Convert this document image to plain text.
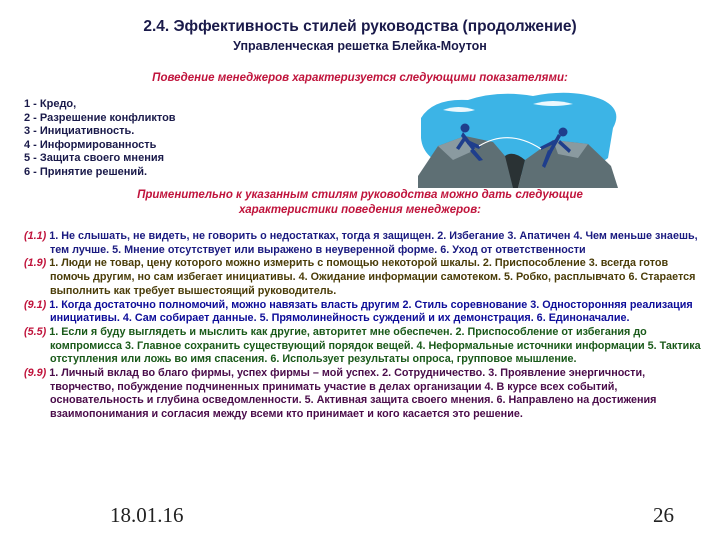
2.4. Эффективность стилей руководства (продолжение)
Управленческая решетка Блейка-Моутон
Поведение менеджеров характеризуется следующими показателями:
1 - Кредо,
2 - Разрешение конфликтов
3 - Инициативность.
4 - Информированность
5 - Защита своего мнения
6 - Принятие решений.
Применительно к указанным стилям руководства можно дать следующие характеристики поведения менеджеров:
(1.1) 1. Не слышать, не видеть, не говорить о недостатках, тогда я защищен. 2. Избегание 3. Апатичен 4. Чем меньше знаешь, тем лучше. 5. Мнение отсутствует или выражено в неуверенной форме. 6. Уход от ответственности
(1.9) 1. Люди не товар, цену которого можно измерить с помощью некоторой шкалы. 2. Приспособление 3. всегда готов помочь другим, но сам избегает инициативы. 4. Ожидание информации самотеком. 5. Робко, расплывчато 6. Старается выполнить как требует вышестоящий руководитель.
(9.1) 1. Когда достаточно полномочий, можно навязать власть другим 2. Стиль соревнование 3. Односторонняя реализация инициативы. 4. Сам собирает данные. 5. Прямолинейность суждений и их демонстрация. 6. Единоначалие.
(5.5) 1. Если я буду выглядеть и мыслить как другие, авторитет мне обеспечен. 2. Приспособление от избегания до компромисса 3. Главное сохранить существующий порядок вещей. 4. Неформальные источники информации 5. Тактика отступления или ложь во имя спасения. 6. Использует результаты опроса, групповое мышление.
(9.9) 1. Личный вклад во благо фирмы, успех фирмы – мой успех. 2. Сотрудничество. 3. Проявление энергичности, творчество, побуждение подчиненных принимать участие в делах организации 4. В курсе всех событий, основательность и глубина осведомленности. 5. Активная защита своего мнения. 6. Направлено на достижения взаимопонимания и согласия между всеми кто принимает и кого касается это решение.
18.01.16	26
